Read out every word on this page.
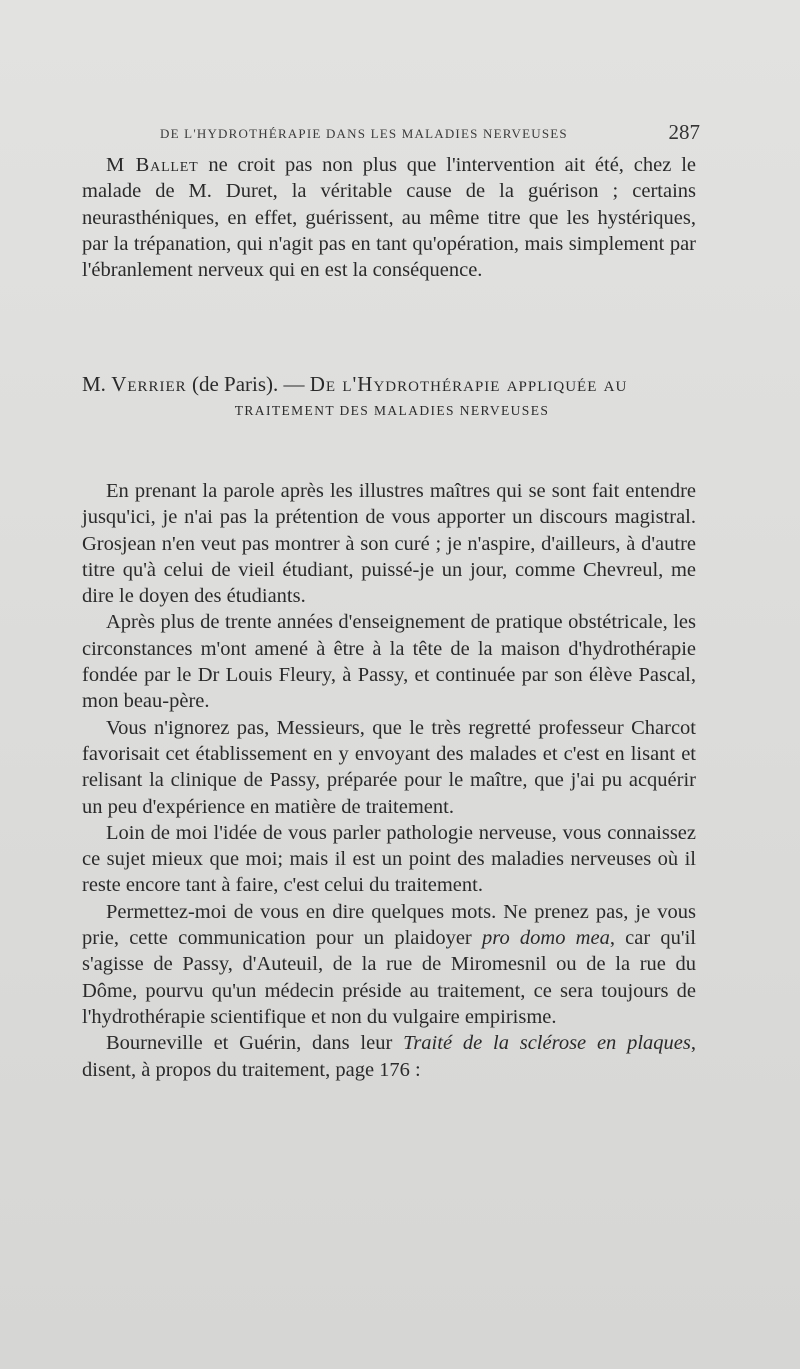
DE L'HYDROTHÉRAPIE DANS LES MALADIES NERVEUSES	287

M Ballet ne croit pas non plus que l'intervention ait été, chez le malade de M. Duret, la véritable cause de la guérison ; certains neurasthéniques, en effet, guérissent, au même titre que les hystériques, par la trépanation, qui n'agit pas en tant qu'opération, mais simplement par l'ébranlement nerveux qui en est la conséquence.

M. Verrier (de Paris). — De l'Hydrothérapie appliquée au
TRAITEMENT DES MALADIES NERVEUSES

En prenant la parole après les illustres maîtres qui se sont fait entendre jusqu'ici, je n'ai pas la prétention de vous apporter un discours magistral. Grosjean n'en veut pas montrer à son curé ; je n'aspire, d'ailleurs, à d'autre titre qu'à celui de vieil étudiant, puissé-je un jour, comme Chevreul, me dire le doyen des étudiants.

Après plus de trente années d'enseignement de pratique obstétricale, les circonstances m'ont amené à être à la tête de la maison d'hydrothérapie fondée par le Dr Louis Fleury, à Passy, et continuée par son élève Pascal, mon beau-père.

Vous n'ignorez pas, Messieurs, que le très regretté professeur Charcot favorisait cet établissement en y envoyant des malades et c'est en lisant et relisant la clinique de Passy, préparée pour le maître, que j'ai pu acquérir un peu d'expérience en matière de traitement.

Loin de moi l'idée de vous parler pathologie nerveuse, vous connaissez ce sujet mieux que moi; mais il est un point des maladies nerveuses où il reste encore tant à faire, c'est celui du traitement.

Permettez-moi de vous en dire quelques mots. Ne prenez pas, je vous prie, cette communication pour un plaidoyer pro domo mea, car qu'il s'agisse de Passy, d'Auteuil, de la rue de Miromesnil ou de la rue du Dôme, pourvu qu'un médecin préside au traitement, ce sera toujours de l'hydrothérapie scientifique et non du vulgaire empirisme.

Bourneville et Guérin, dans leur Traité de la sclérose en plaques, disent, à propos du traitement, page 176 :
